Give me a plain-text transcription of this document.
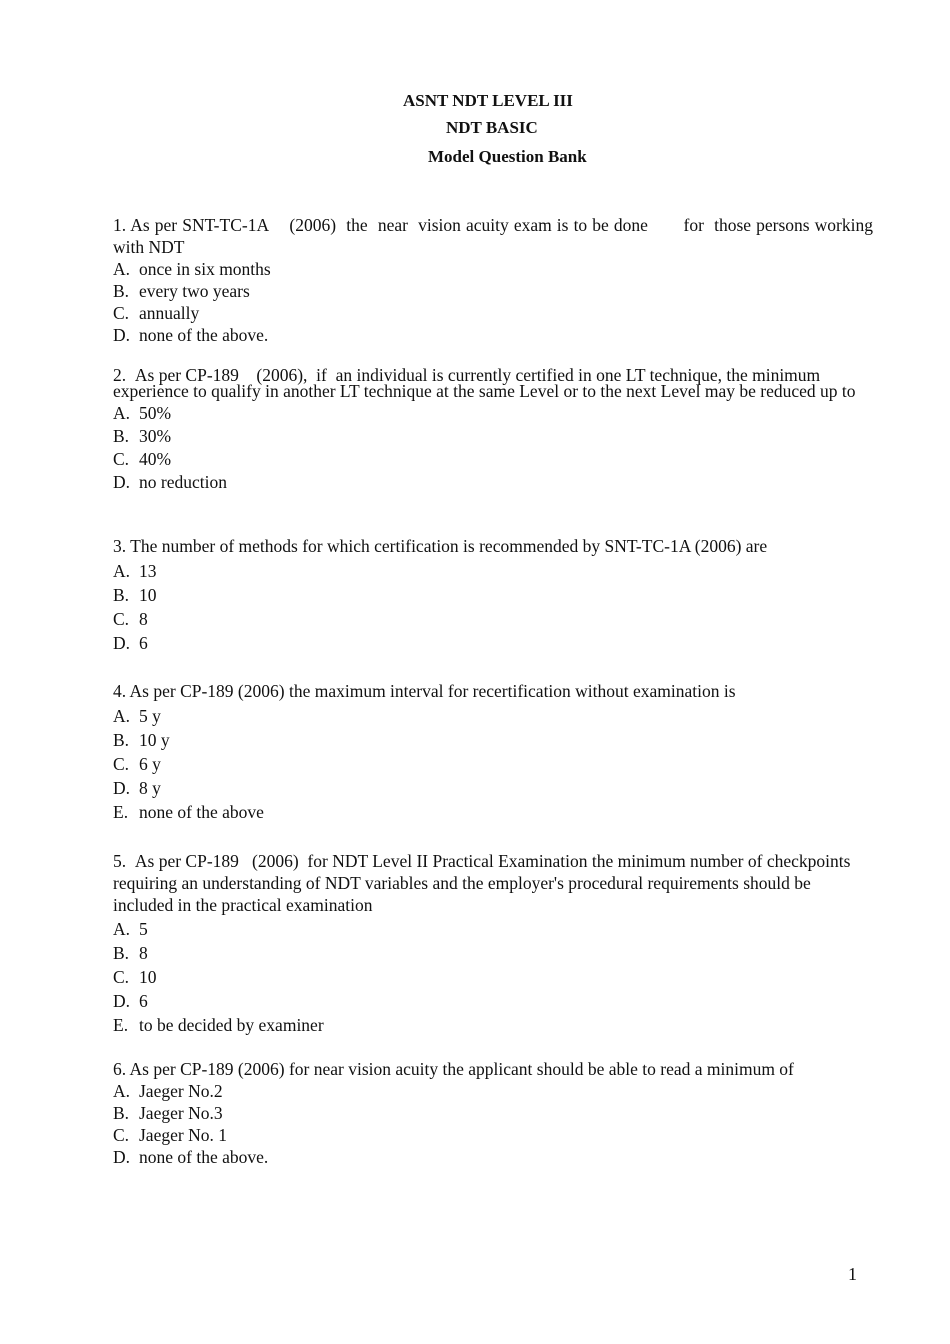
ASNT NDT LEVEL III
NDT BASIC
Model Question Bank

1. As per SNT-TC-1A    (2006)  the  near  vision acuity exam is to be done       for  those persons working with NDT

A. once in six months
B. every two years
C. annually
D. none of the above.

2.  As per CP-189    (2006),  if  an individual is currently certified in one LT technique, the minimum experience to qualify in another LT technique at the same Level or to the next Level may be reduced up to

A. 50%
B. 30%
C. 40%
D. no reduction

3. The number of methods for which certification is recommended by SNT-TC-1A (2006) are

A. 13
B. 10
C. 8
D. 6

4. As per CP-189 (2006) the maximum interval for recertification without examination is

A. 5 y
B. 10 y
C. 6 y
D. 8 y
E. none of the above

5.  As per CP-189   (2006)  for NDT Level II Practical Examination the minimum number of checkpoints requiring an understanding of NDT variables and the employer's procedural requirements should be included in the practical examination

A. 5
B. 8
C. 10
D. 6
E. to be decided by examiner

6. As per CP-189 (2006) for near vision acuity the applicant should be able to read a minimum of

A. Jaeger No.2
B. Jaeger No.3
C. Jaeger No. 1
D. none of the above.
1
